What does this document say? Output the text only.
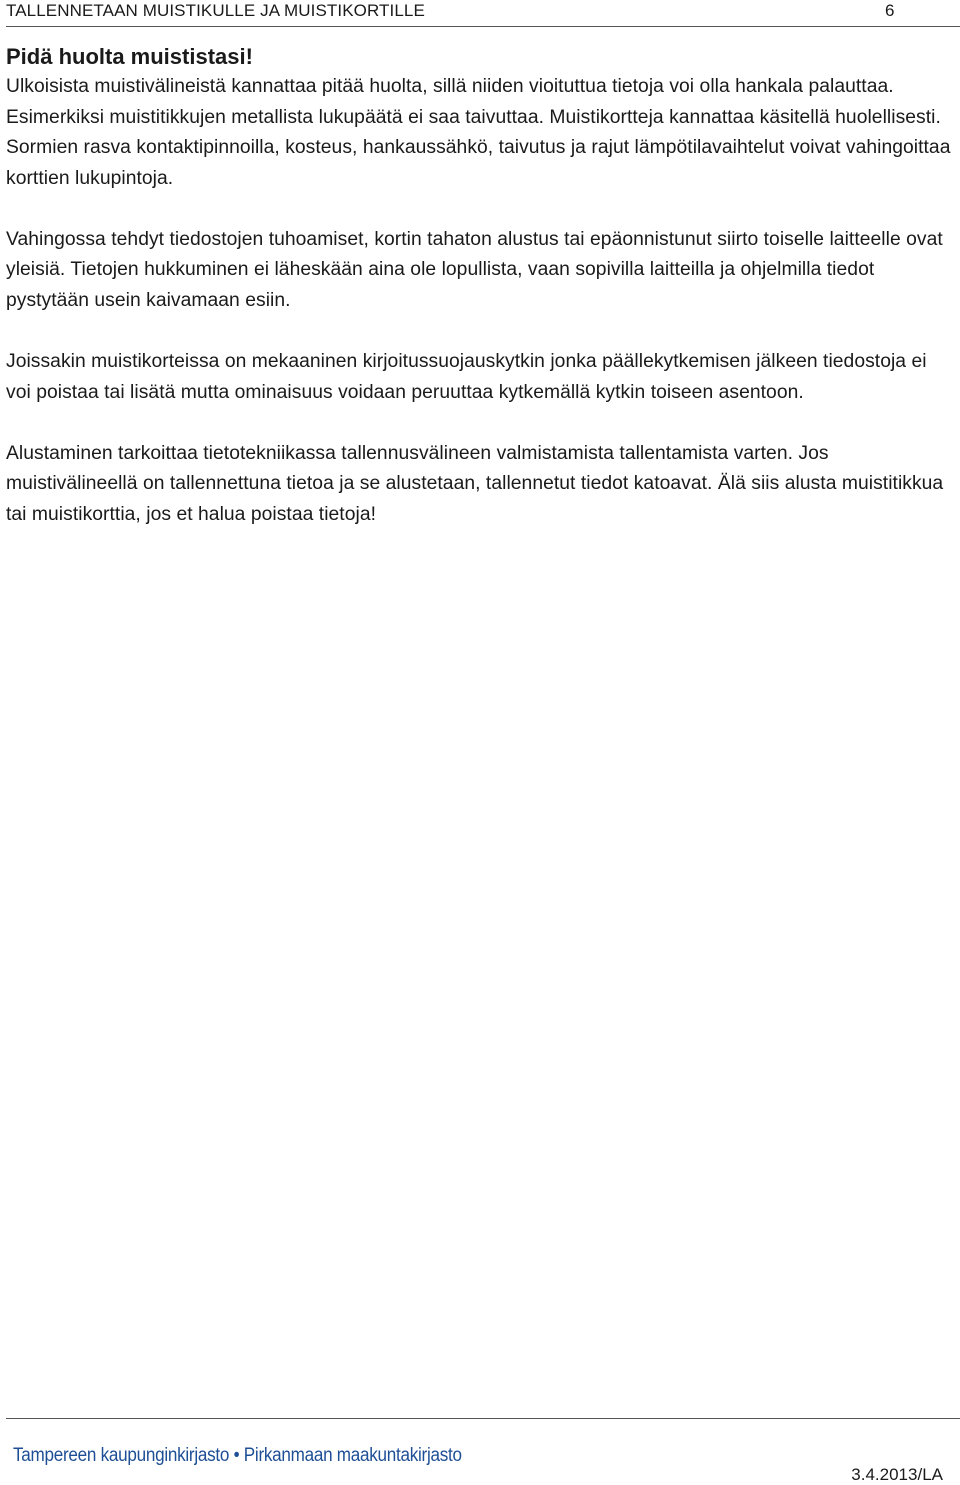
TALLENNETAAN MUISTIKULLE JA MUISTIKORTILLE	6
Pidä huolta muististasi!

Ulkoisista muistivälineistä kannattaa pitää huolta, sillä niiden vioituttua tietoja voi olla hankala palauttaa. Esimerkiksi muistitikkujen metallista lukupäätä ei saa taivuttaa. Muistikortteja kannattaa käsitellä huolellisesti. Sormien rasva kontaktipinnoilla, kosteus, hankaussähkö, taivutus ja rajut lämpötilavaihtelut voivat vahingoittaa korttien lukupintoja.

Vahingossa tehdyt tiedostojen tuhoamiset, kortin tahaton alustus tai epäonnistunut siirto toiselle laitteelle ovat yleisiä. Tietojen hukkuminen ei läheskään aina ole lopullista, vaan sopivilla laitteilla ja ohjelmilla tiedot pystytään usein kaivamaan esiin.

Joissakin muistikorteissa on mekaaninen kirjoitussuojauskytkin jonka päällekytkemisen jälkeen tiedostoja ei voi poistaa tai lisätä mutta ominaisuus voidaan peruuttaa kytkemällä kytkin toiseen asentoon.

Alustaminen tarkoittaa tietotekniikassa tallennusvälineen valmistamista tallentamista varten. Jos muistivälineellä on tallennettuna tietoa ja se alustetaan, tallennetut tiedot katoavat. Älä siis alusta muistitikkua tai muistikorttia, jos et halua poistaa tietoja!

Tampereen kaupunginkirjasto • Pirkanmaan maakuntakirjasto
3.4.2013/LA
